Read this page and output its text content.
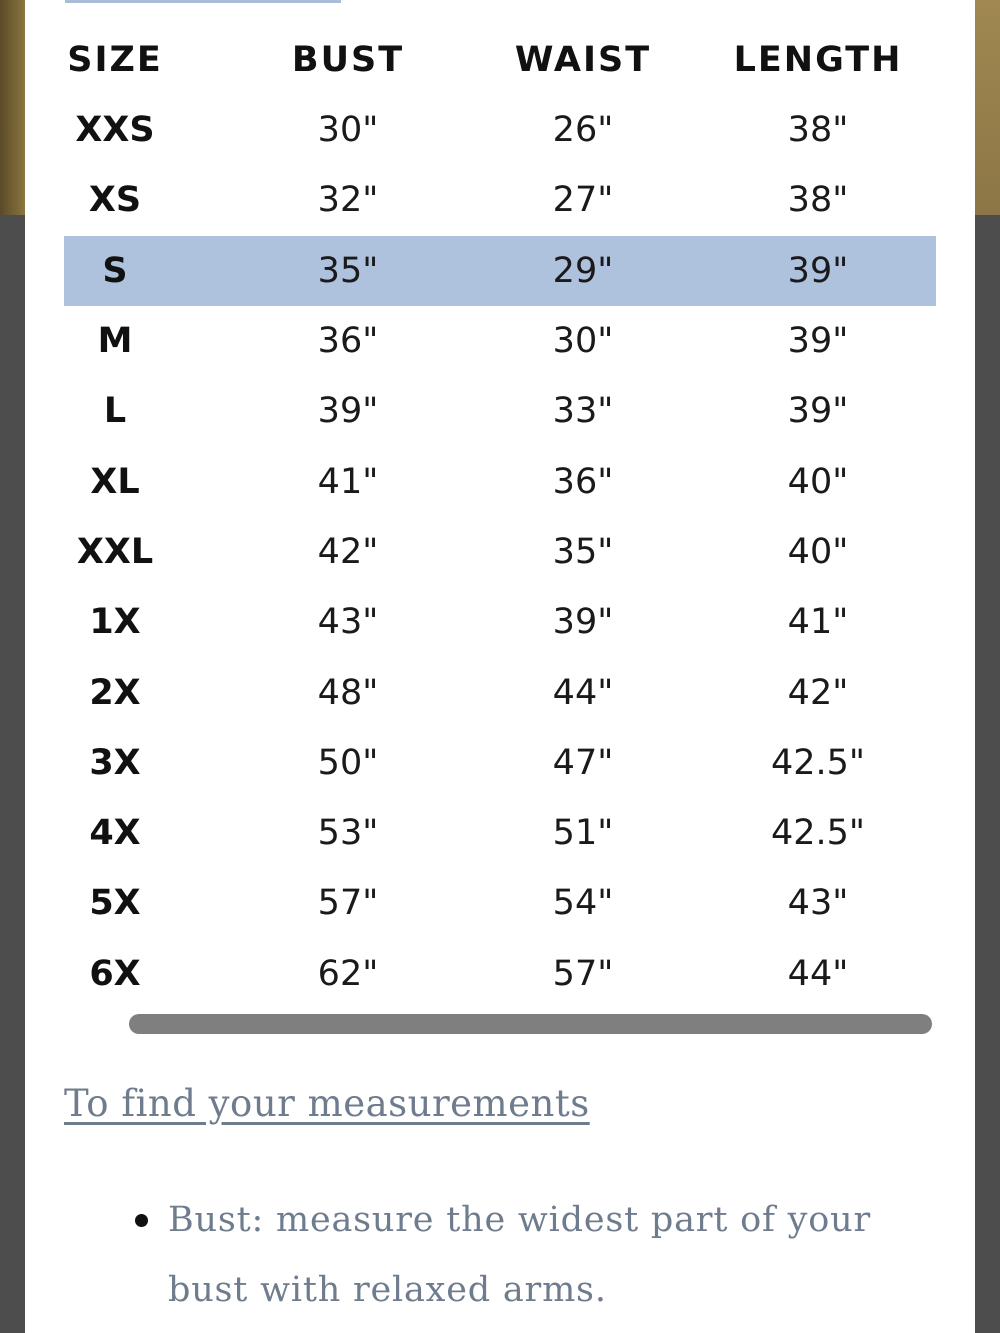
SIZE	BUST	WAIST	LENGTH
XXS	30"	26"	38"
XS	32"	27"	38"
S	35"	29"	39"
M	36"	30"	39"
L	39"	33"	39"
XL	41"	36"	40"
XXL	42"	35"	40"
1X	43"	39"	41"
2X	48"	44"	42"
3X	50"	47"	42.5"
4X	53"	51"	42.5"
5X	57"	54"	43"
6X	62"	57"	44"
To find your measurements
Bust: measure the widest part of your bust with relaxed arms.
